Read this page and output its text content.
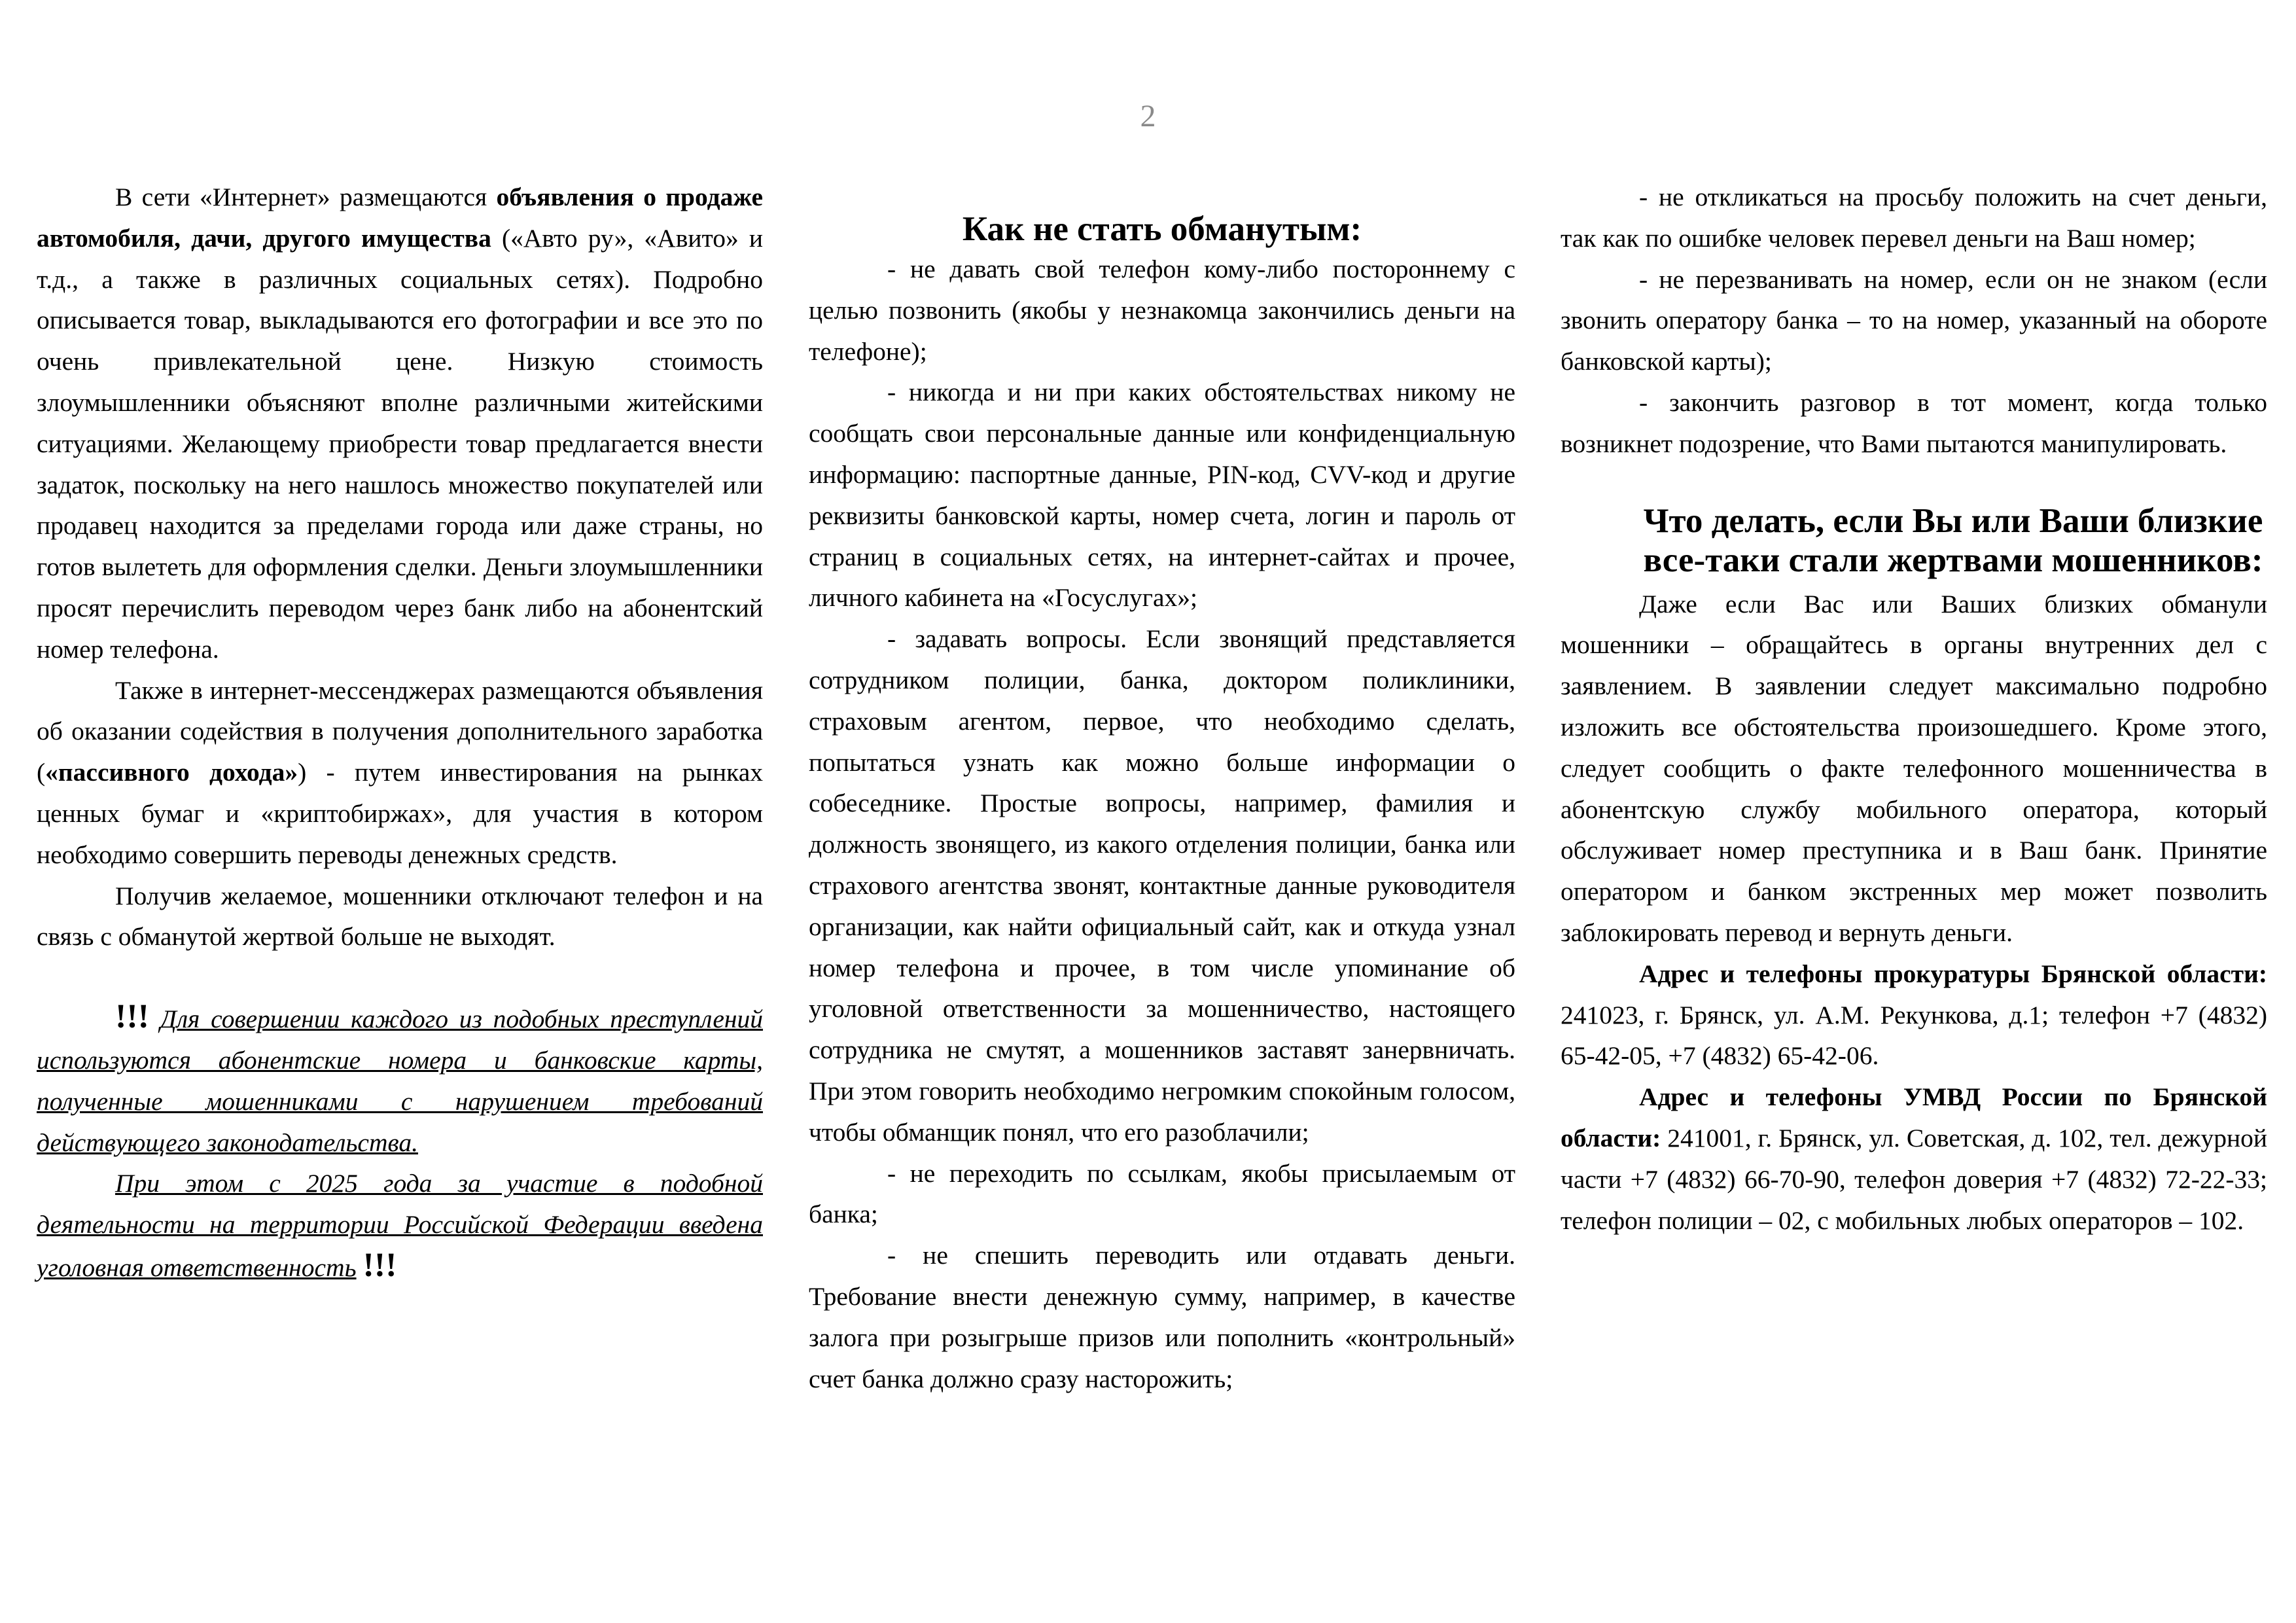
2

В сети «Интернет» размещаются объявления о продаже автомобиля, дачи, другого имущества («Авто ру», «Авито» и т.д., а также в различных социальных сетях). Подробно описывается товар, выкладываются его фотографии и все это по очень привлекательной цене. Низкую стоимость злоумышленники объясняют вполне различными житейскими ситуациями. Желающему приобрести товар предлагается внести задаток, поскольку на него нашлось множество покупателей или продавец находится за пределами города или даже страны, но готов вылететь для оформления сделки. Деньги злоумышленники просят перечислить переводом через банк либо на абонентский номер телефона.

Также в интернет-мессенджерах размещаются объявления об оказании содействия в получения дополнительного заработка («пассивного дохода») - путем инвестирования на рынках ценных бумаг и «криптобиржах», для участия в котором необходимо совершить переводы денежных средств.

Получив желаемое, мошенники отключают телефон и на связь с обманутой жертвой больше не выходят.

!!! Для совершении каждого из подобных преступлений используются абонентские номера и банковские карты, полученные мошенниками с нарушением требований действующего законодательства.

При этом с 2025 года за участие в подобной деятельности на территории Российской Федерации введена уголовная ответственность !!!

Как не стать обманутым:

- не давать свой телефон кому-либо постороннему с целью позвонить (якобы у незнакомца закончились деньги на телефоне);

- никогда и ни при каких обстоятельствах никому не сообщать свои персональные данные или конфиденциальную информацию: паспортные данные, PIN-код, CVV-код и другие реквизиты банковской карты, номер счета, логин и пароль от страниц в социальных сетях, на интернет-сайтах и прочее, личного кабинета на «Госуслугах»;

- задавать вопросы. Если звонящий представляется сотрудником полиции, банка, доктором поликлиники, страховым агентом, первое, что необходимо сделать, попытаться узнать как можно больше информации о собеседнике. Простые вопросы, например, фамилия и должность звонящего, из какого отделения полиции, банка или страхового агентства звонят, контактные данные руководителя организации, как найти официальный сайт, как и откуда узнал номер телефона и прочее, в том числе упоминание об уголовной ответственности за мошенничество, настоящего сотрудника не смутят, а мошенников заставят занервничать. При этом говорить необходимо негромким спокойным голосом, чтобы обманщик понял, что его разоблачили;

- не переходить по ссылкам, якобы присылаемым от банка;

- не спешить переводить или отдавать деньги. Требование внести денежную сумму, например, в качестве залога при розыгрыше призов или пополнить «контрольный» счет банка должно сразу насторожить;

- не откликаться на просьбу положить на счет деньги, так как по ошибке человек перевел деньги на Ваш номер;

- не перезванивать на номер, если он не знаком (если звонить оператору банка – то на номер, указанный на обороте банковской карты);

- закончить разговор в тот момент, когда только возникнет подозрение, что Вами пытаются манипулировать.

Что делать, если Вы или Ваши близкие все-таки стали жертвами мошенников:

Даже если Вас или Ваших близких обманули мошенники – обращайтесь в органы внутренних дел с заявлением. В заявлении следует максимально подробно изложить все обстоятельства произошедшего. Кроме этого, следует сообщить о факте телефонного мошенничества в абонентскую службу мобильного оператора, который обслуживает номер преступника и в Ваш банк. Принятие оператором и банком экстренных мер может позволить заблокировать перевод и вернуть деньги.

Адрес и телефоны прокуратуры Брянской области: 241023, г. Брянск, ул. А.М. Рекункова, д.1; телефон +7 (4832) 65-42-05, +7 (4832) 65-42-06.

Адрес и телефоны УМВД России по Брянской области: 241001, г. Брянск, ул. Советская, д. 102, тел. дежурной части +7 (4832) 66-70-90, телефон доверия +7 (4832) 72-22-33; телефон полиции – 02, с мобильных любых операторов – 102.
